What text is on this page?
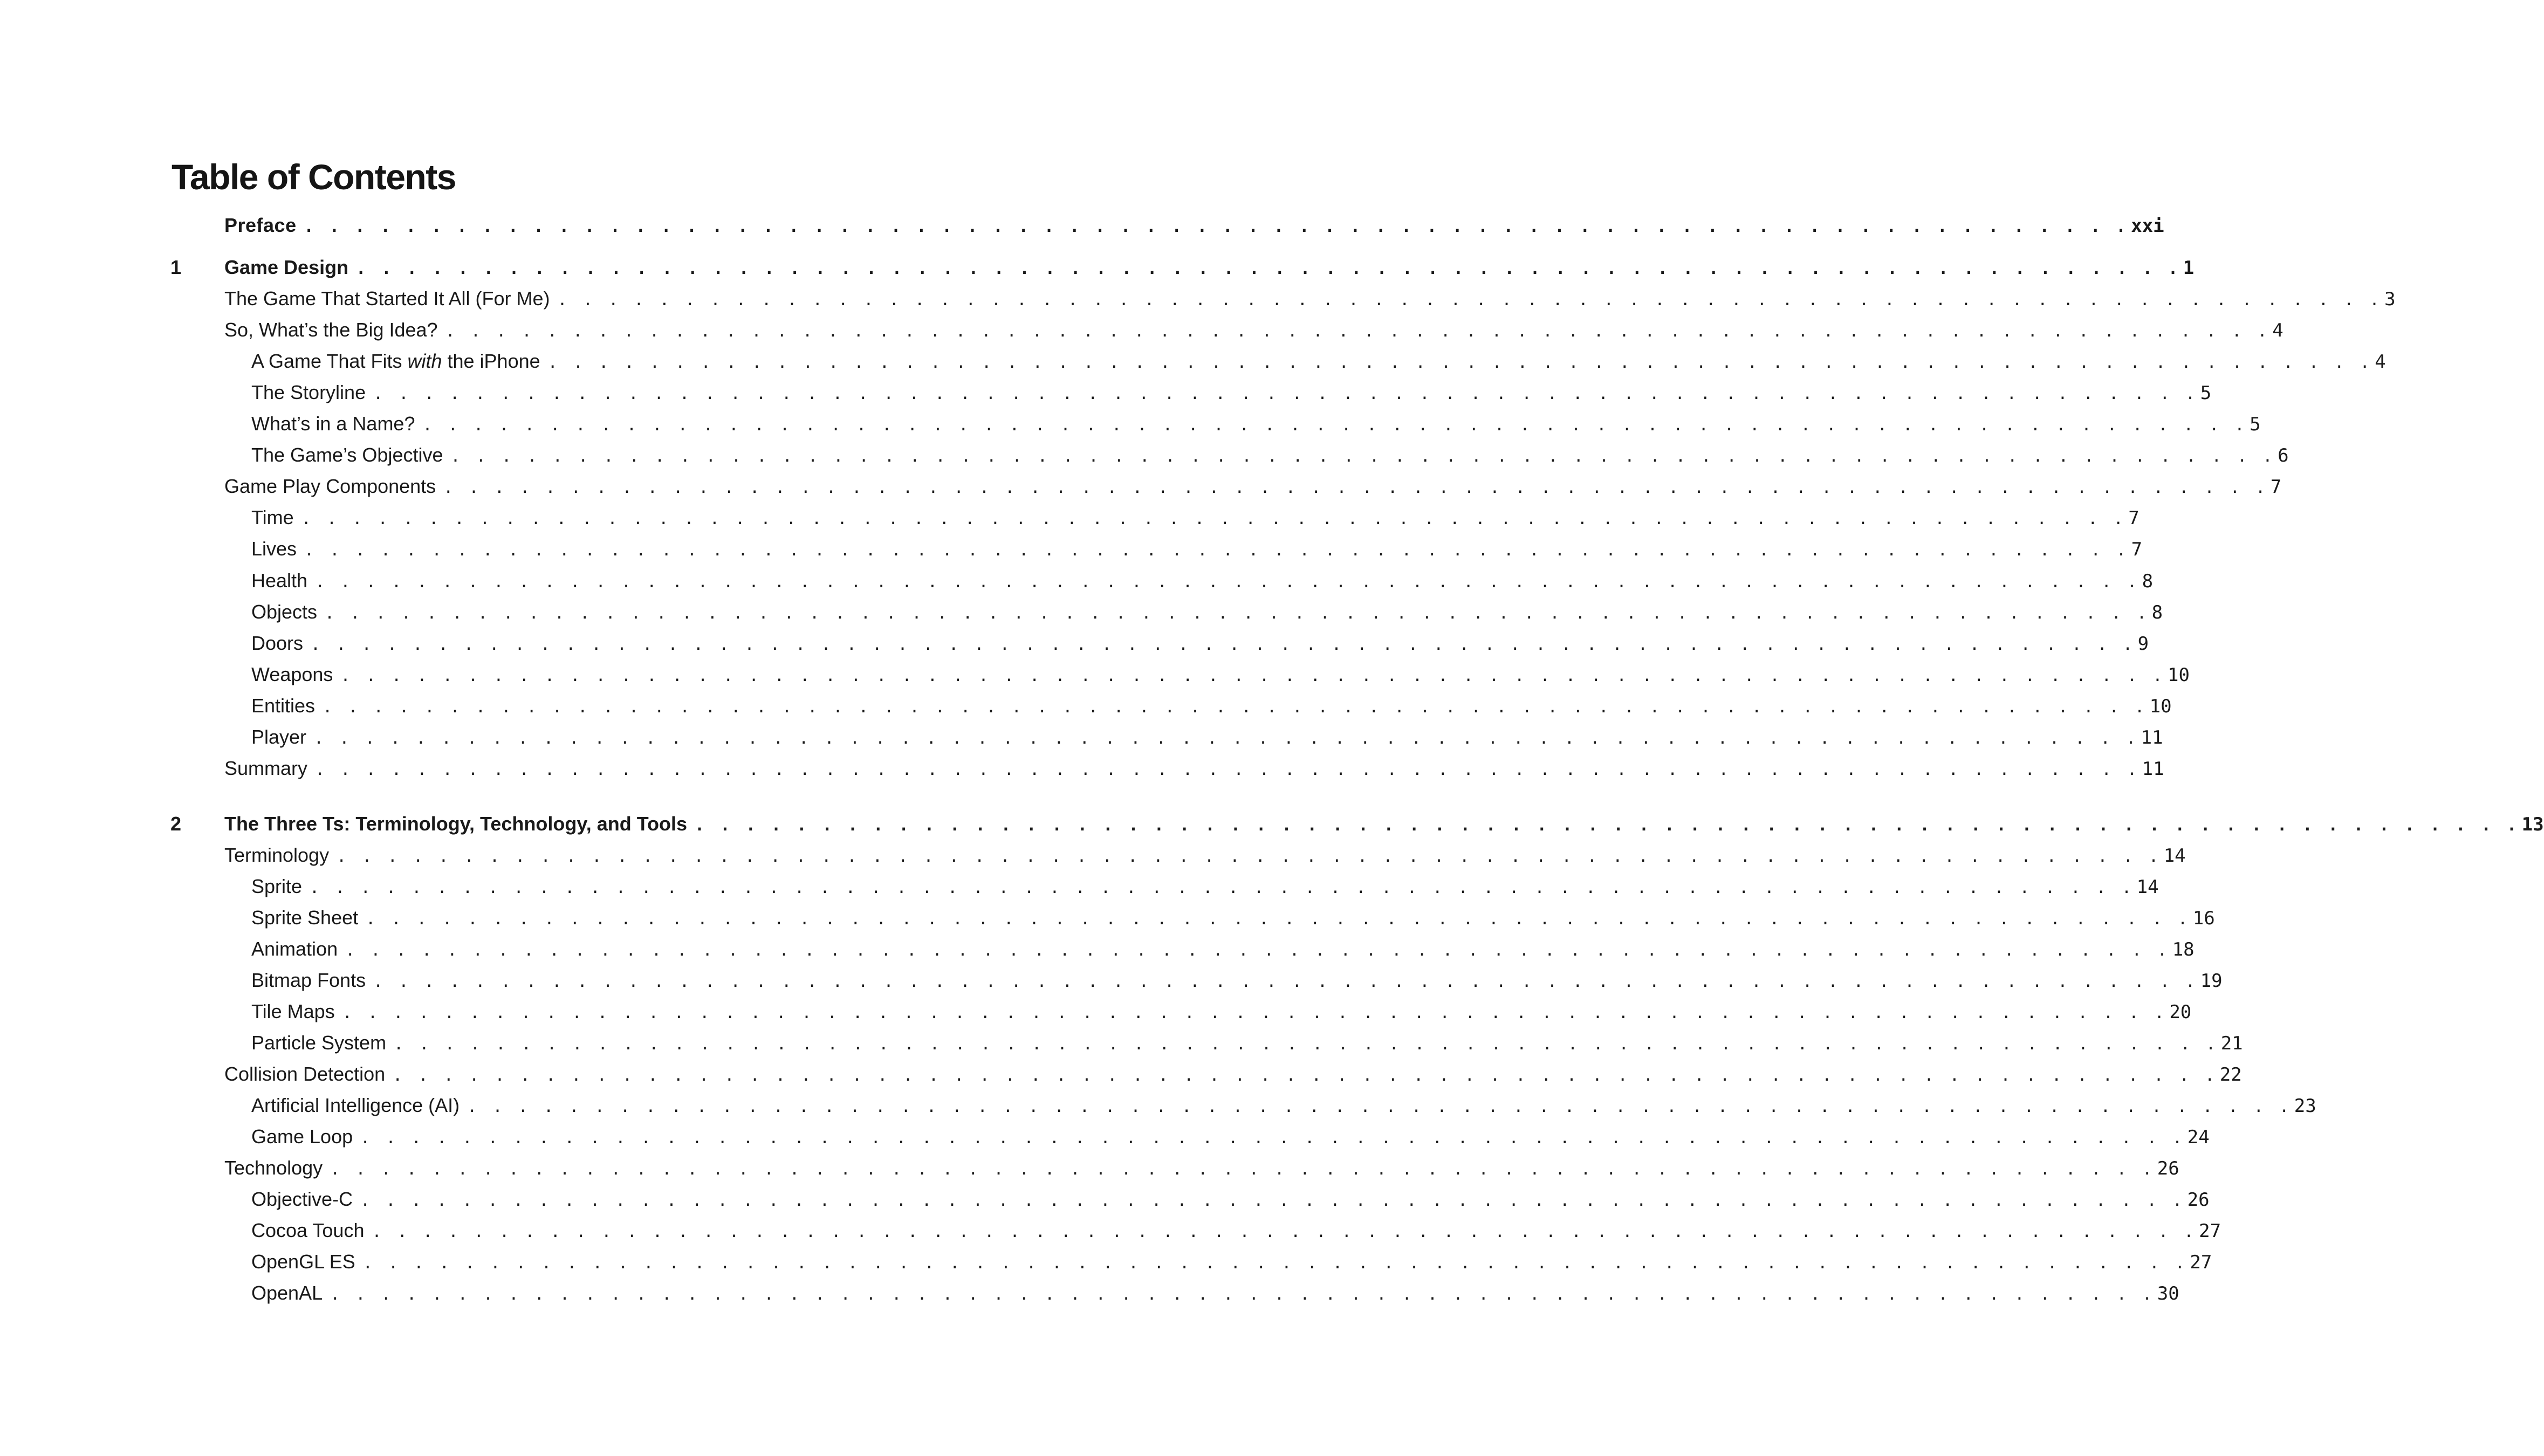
Table of Contents
Preface . . . . . . . . . . . . . . . . . . . . . . . . . . . . . . . . . . . . . . . . . . . . . . . . . . . . . . . . . . . . . . . . . . . . . . . . xxi
1 Game Design . . . . . . . . . . . . . . . . . . . . . . . . . . . . . . . . . . . . . . . . . . . . . . . . . . . . . . . . . . . . . . . . . . . . . . . . 1
The Game That Started It All (For Me) . . . . . . . . . . . . . . . . . . . . . . . . . . . . . . . . . . . . . . . . . . . . . . . . . . . . . . . . . . . . . . . . . . . . . . . . 3
So, What’s the Big Idea? . . . . . . . . . . . . . . . . . . . . . . . . . . . . . . . . . . . . . . . . . . . . . . . . . . . . . . . . . . . . . . . . . . . . . . . . 4
A Game That Fits with the iPhone . . . . . . . . . . . . . . . . . . . . . . . . . . . . . . . . . . . . . . . . . . . . . . . . . . . . . . . . . . . . . . . . . . . . . . . . 4
The Storyline . . . . . . . . . . . . . . . . . . . . . . . . . . . . . . . . . . . . . . . . . . . . . . . . . . . . . . . . . . . . . . . . . . . . . . . . 5
What’s in a Name? . . . . . . . . . . . . . . . . . . . . . . . . . . . . . . . . . . . . . . . . . . . . . . . . . . . . . . . . . . . . . . . . . . . . . . . . 5
The Game’s Objective . . . . . . . . . . . . . . . . . . . . . . . . . . . . . . . . . . . . . . . . . . . . . . . . . . . . . . . . . . . . . . . . . . . . . . . . 6
Game Play Components . . . . . . . . . . . . . . . . . . . . . . . . . . . . . . . . . . . . . . . . . . . . . . . . . . . . . . . . . . . . . . . . . . . . . . . . 7
Time . . . . . . . . . . . . . . . . . . . . . . . . . . . . . . . . . . . . . . . . . . . . . . . . . . . . . . . . . . . . . . . . . . . . . . . . 7
Lives . . . . . . . . . . . . . . . . . . . . . . . . . . . . . . . . . . . . . . . . . . . . . . . . . . . . . . . . . . . . . . . . . . . . . . . . 7
Health . . . . . . . . . . . . . . . . . . . . . . . . . . . . . . . . . . . . . . . . . . . . . . . . . . . . . . . . . . . . . . . . . . . . . . . . 8
Objects . . . . . . . . . . . . . . . . . . . . . . . . . . . . . . . . . . . . . . . . . . . . . . . . . . . . . . . . . . . . . . . . . . . . . . . . 8
Doors . . . . . . . . . . . . . . . . . . . . . . . . . . . . . . . . . . . . . . . . . . . . . . . . . . . . . . . . . . . . . . . . . . . . . . . . 9
Weapons . . . . . . . . . . . . . . . . . . . . . . . . . . . . . . . . . . . . . . . . . . . . . . . . . . . . . . . . . . . . . . . . . . . . . . . . 10
Entities . . . . . . . . . . . . . . . . . . . . . . . . . . . . . . . . . . . . . . . . . . . . . . . . . . . . . . . . . . . . . . . . . . . . . . . . 10
Player . . . . . . . . . . . . . . . . . . . . . . . . . . . . . . . . . . . . . . . . . . . . . . . . . . . . . . . . . . . . . . . . . . . . . . . . 11
Summary . . . . . . . . . . . . . . . . . . . . . . . . . . . . . . . . . . . . . . . . . . . . . . . . . . . . . . . . . . . . . . . . . . . . . . . . 11
2 The Three Ts: Terminology, Technology, and Tools . . . . . . . . . . . . . . . . . . . . . . . . . . . . . . . . . . . . . . . . . . . . . . . . . . . . . . . . . . . . . . . . . . . . . . . . 13
Terminology . . . . . . . . . . . . . . . . . . . . . . . . . . . . . . . . . . . . . . . . . . . . . . . . . . . . . . . . . . . . . . . . . . . . . . . . 14
Sprite . . . . . . . . . . . . . . . . . . . . . . . . . . . . . . . . . . . . . . . . . . . . . . . . . . . . . . . . . . . . . . . . . . . . . . . . 14
Sprite Sheet . . . . . . . . . . . . . . . . . . . . . . . . . . . . . . . . . . . . . . . . . . . . . . . . . . . . . . . . . . . . . . . . . . . . . . . . 16
Animation . . . . . . . . . . . . . . . . . . . . . . . . . . . . . . . . . . . . . . . . . . . . . . . . . . . . . . . . . . . . . . . . . . . . . . . . 18
Bitmap Fonts . . . . . . . . . . . . . . . . . . . . . . . . . . . . . . . . . . . . . . . . . . . . . . . . . . . . . . . . . . . . . . . . . . . . . . . . 19
Tile Maps . . . . . . . . . . . . . . . . . . . . . . . . . . . . . . . . . . . . . . . . . . . . . . . . . . . . . . . . . . . . . . . . . . . . . . . . 20
Particle System . . . . . . . . . . . . . . . . . . . . . . . . . . . . . . . . . . . . . . . . . . . . . . . . . . . . . . . . . . . . . . . . . . . . . . . . 21
Collision Detection . . . . . . . . . . . . . . . . . . . . . . . . . . . . . . . . . . . . . . . . . . . . . . . . . . . . . . . . . . . . . . . . . . . . . . . . 22
Artificial Intelligence (AI) . . . . . . . . . . . . . . . . . . . . . . . . . . . . . . . . . . . . . . . . . . . . . . . . . . . . . . . . . . . . . . . . . . . . . . . . 23
Game Loop . . . . . . . . . . . . . . . . . . . . . . . . . . . . . . . . . . . . . . . . . . . . . . . . . . . . . . . . . . . . . . . . . . . . . . . . 24
Technology . . . . . . . . . . . . . . . . . . . . . . . . . . . . . . . . . . . . . . . . . . . . . . . . . . . . . . . . . . . . . . . . . . . . . . . . 26
Objective-C . . . . . . . . . . . . . . . . . . . . . . . . . . . . . . . . . . . . . . . . . . . . . . . . . . . . . . . . . . . . . . . . . . . . . . . . 26
Cocoa Touch . . . . . . . . . . . . . . . . . . . . . . . . . . . . . . . . . . . . . . . . . . . . . . . . . . . . . . . . . . . . . . . . . . . . . . . . 27
OpenGL ES . . . . . . . . . . . . . . . . . . . . . . . . . . . . . . . . . . . . . . . . . . . . . . . . . . . . . . . . . . . . . . . . . . . . . . . . 27
OpenAL . . . . . . . . . . . . . . . . . . . . . . . . . . . . . . . . . . . . . . . . . . . . . . . . . . . . . . . . . . . . . . . . . . . . . . . . 30
